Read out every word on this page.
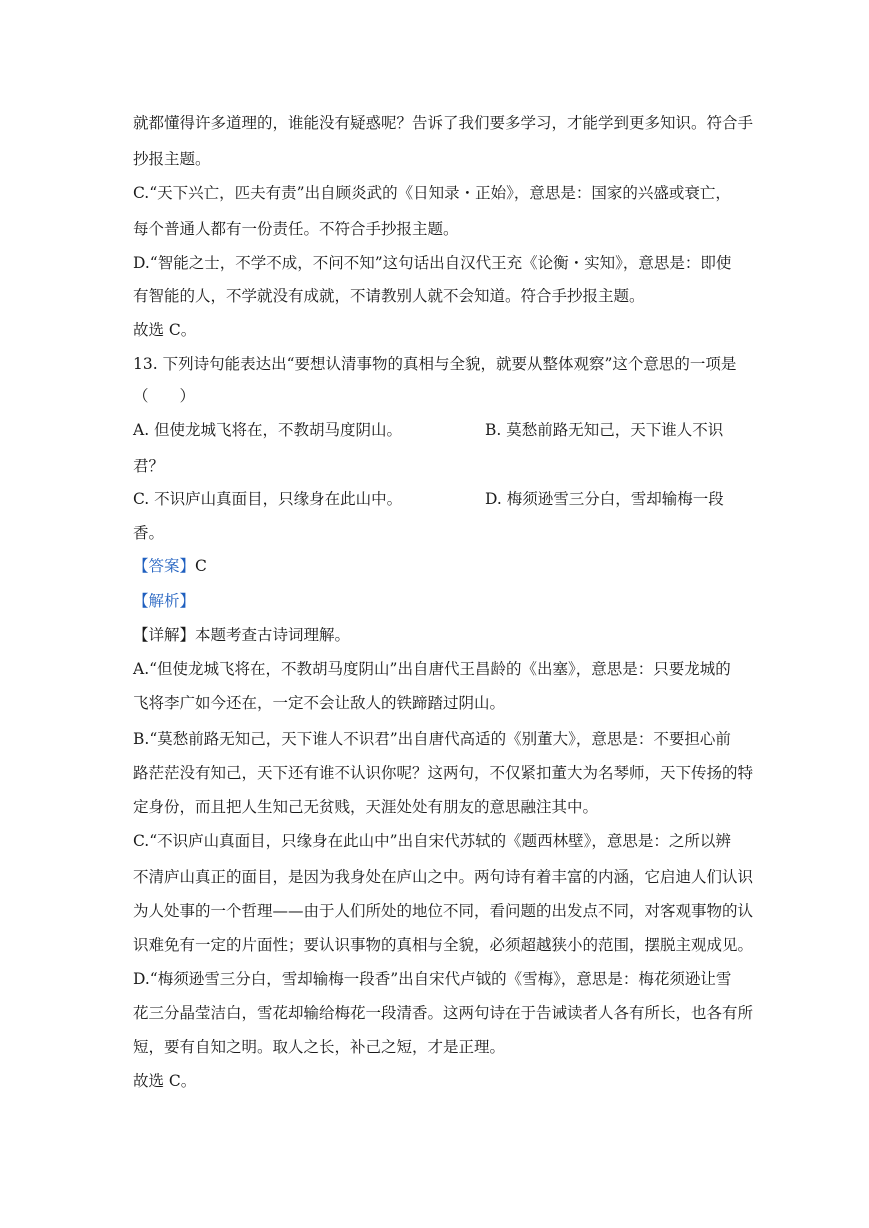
就都懂得许多道理的，谁能没有疑惑呢？告诉了我们要多学习，才能学到更多知识。符合手
抄报主题。
C.“天下兴亡，匹夫有责”出自顾炎武的《日知录・正始》，意思是：国家的兴盛或衰亡，
每个普通人都有一份责任。不符合手抄报主题。
D.“智能之士，不学不成，不问不知”这句话出自汉代王充《论衡・实知》，意思是：即使
有智能的人，不学就没有成就，不请教别人就不会知道。符合手抄报主题。
故选 C。
13. 下列诗句能表达出“要想认清事物的真相与全貌，就要从整体观察”这个意思的一项是
（　　）
A. 但使龙城飞将在，不教胡马度阴山。	B. 莫愁前路无知己，天下谁人不识
君？
C. 不识庐山真面目，只缘身在此山中。	D. 梅须逊雪三分白，雪却输梅一段
香。
【答案】C
【解析】
【详解】本题考查古诗词理解。
A.“但使龙城飞将在，不教胡马度阴山”出自唐代王昌龄的《出塞》，意思是：只要龙城的
飞将李广如今还在，一定不会让敌人的铁蹄踏过阴山。
B.“莫愁前路无知己，天下谁人不识君”出自唐代高适的《别董大》，意思是：不要担心前
路茫茫没有知己，天下还有谁不认识你呢？这两句，不仅紧扣董大为名琴师，天下传扬的特
定身份，而且把人生知己无贫贱，天涯处处有朋友的意思融注其中。
C.“不识庐山真面目，只缘身在此山中”出自宋代苏轼的《题西林壁》，意思是：之所以辨
不清庐山真正的面目，是因为我身处在庐山之中。两句诗有着丰富的内涵，它启迪人们认识
为人处事的一个哲理——由于人们所处的地位不同，看问题的出发点不同，对客观事物的认
识难免有一定的片面性；要认识事物的真相与全貌，必须超越狭小的范围，摆脱主观成见。
D.“梅须逊雪三分白，雪却输梅一段香”出自宋代卢钺的《雪梅》，意思是：梅花须逊让雪
花三分晶莹洁白，雪花却输给梅花一段清香。这两句诗在于告诫读者人各有所长，也各有所
短，要有自知之明。取人之长，补己之短，才是正理。
故选 C。
